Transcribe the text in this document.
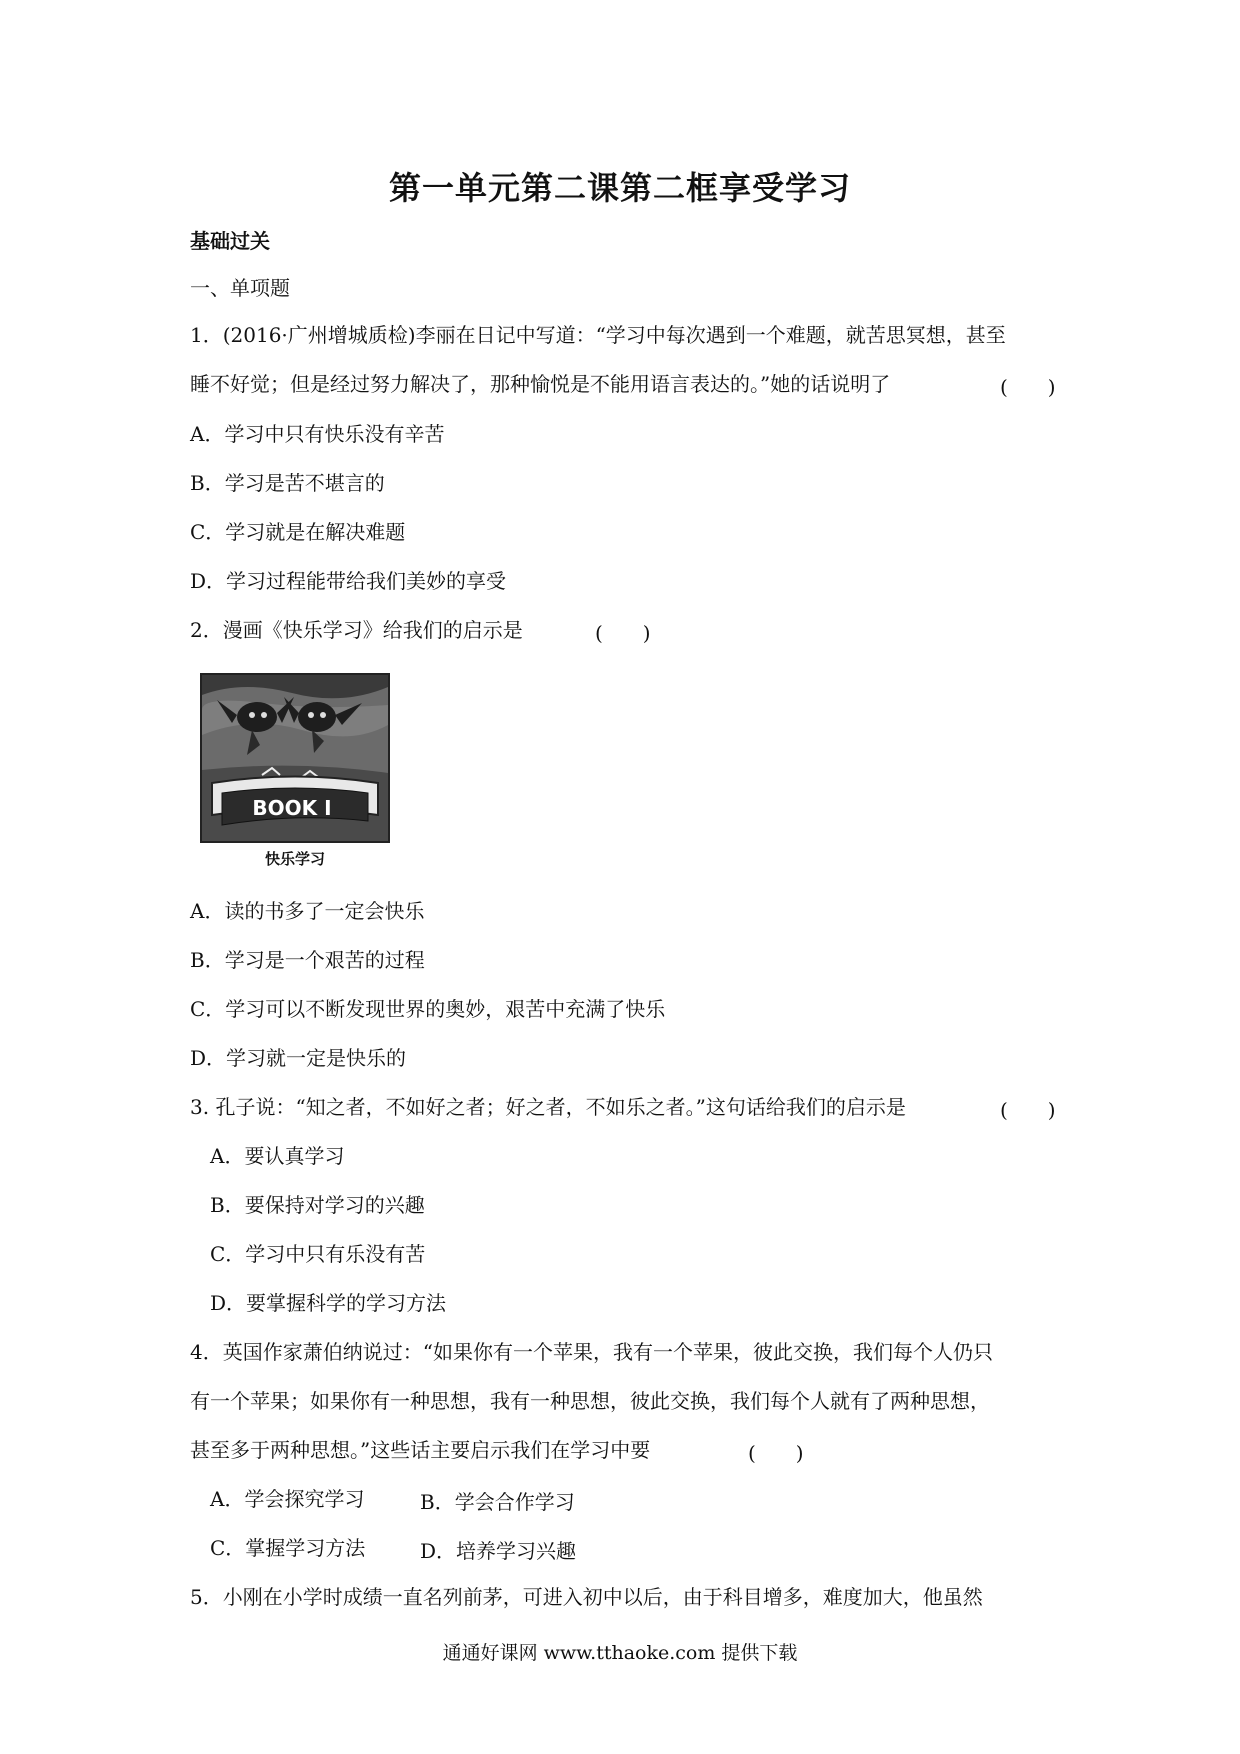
第一单元第二课第二框享受学习
基础过关
一、单项题
1．(2016·广州增城质检)李丽在日记中写道：“学习中每次遇到一个难题，就苦思冥想，甚至
睡不好觉；但是经过努力解决了，那种愉悦是不能用语言表达的。”她的话说明了	(　　)
A．学习中只有快乐没有辛苦
B．学习是苦不堪言的
C．学习就是在解决难题
D．学习过程能带给我们美妙的享受
2．漫画《快乐学习》给我们的启示是	(　　)
BOOK I
快乐学习
A．读的书多了一定会快乐
B．学习是一个艰苦的过程
C．学习可以不断发现世界的奥妙，艰苦中充满了快乐
D．学习就一定是快乐的
3. 孔子说：“知之者，不如好之者；好之者，不如乐之者。”这句话给我们的启示是	(　　)
A．要认真学习
B．要保持对学习的兴趣
C．学习中只有乐没有苦
D．要掌握科学的学习方法
4．英国作家萧伯纳说过：“如果你有一个苹果，我有一个苹果，彼此交换，我们每个人仍只
有一个苹果；如果你有一种思想，我有一种思想，彼此交换，我们每个人就有了两种思想，
甚至多于两种思想。”这些话主要启示我们在学习中要	(　　)
A．学会探究学习	B．学会合作学习
C．掌握学习方法	D．培养学习兴趣
5．小刚在小学时成绩一直名列前茅，可进入初中以后，由于科目增多，难度加大，他虽然
通通好课网 www.tthaoke.com 提供下载
